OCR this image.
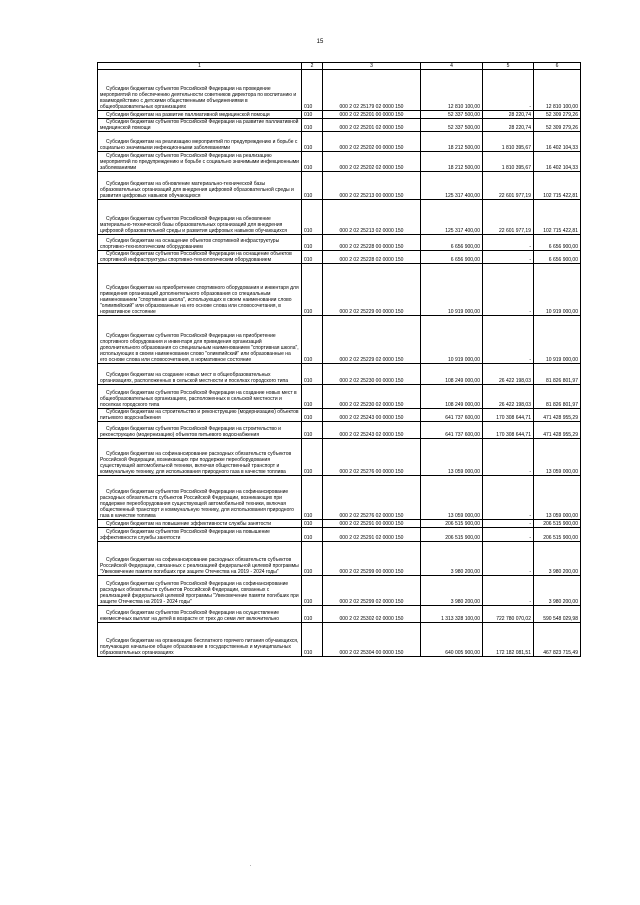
15
1	2	3	4	5	6
Субсидии бюджетам субъектов Российской Федерации на проведение мероприятий по обеспечению деятельности советников директора по воспитанию и взаимодействию с детскими общественными объединениями в общеобразовательных организациях	010	000 2 02 25179 02 0000 150	12 810 100,00	-	12 810 100,00
Субсидии бюджетам на развитие паллиативной медицинской помощи	010	000 2 02 25201 00 0000 150	52 337 500,00	28 220,74	52 309 279,26
Субсидии бюджетам субъектов Российской Федерации на развитие паллиативной медицинской помощи	010	000 2 02 25201 02 0000 150	52 337 500,00	28 220,74	52 309 279,26
Субсидии бюджетам на реализацию мероприятий по предупреждению и борьбе с социально значимыми инфекционными заболеваниями	010	000 2 02 25202 00 0000 150	18 212 500,00	1 810 395,67	16 402 104,33
Субсидии бюджетам субъектов Российской Федерации на реализацию мероприятий по предупреждению и борьбе с социально значимыми инфекционными заболеваниями	010	000 2 02 25202 02 0000 150	18 212 500,00	1 810 395,67	16 402 104,33
Субсидии бюджетам на обновление материально-технической базы образовательных организаций для внедрения цифровой образовательной среды и развития цифровых навыков обучающихся	010	000 2 02 25213 00 0000 150	125 317 400,00	22 601 977,19	102 715 422,81
Субсидии бюджетам субъектов Российской Федерации на обновление материально-технической базы образовательных организаций для внедрения цифровой образовательной среды и развития цифровых навыков обучающихся	010	000 2 02 25213 02 0000 150	125 317 400,00	22 601 977,19	102 715 422,81
Субсидии бюджетам на оснащение объектов спортивной инфраструктуры спортивно-технологическим оборудованием	010	000 2 02 25228 00 0000 150	6 656 900,00	-	6 656 900,00
Субсидии бюджетам субъектов Российской Федерации на оснащение объектов спортивной инфраструктуры спортивно-технологическим оборудованием	010	000 2 02 25228 02 0000 150	6 656 900,00	-	6 656 900,00
Субсидии бюджетам на приобретение спортивного оборудования и инвентаря для приведения организаций дополнительного образования со специальным наименованием "спортивная школа", использующих в своем наименовании слово "олимпийский" или образованные на его основе слова или словосочетания, в нормативное состояние	010	000 2 02 25229 00 0000 150	10 919 000,00	-	10 919 000,00
Субсидии бюджетам субъектов Российской Федерации на приобретение спортивного оборудования и инвентаря для приведения организаций дополнительного образования со специальным наименованием "спортивная школа", использующих в своем наименовании слово "олимпийский" или образованные на его основе слова или словосочетания, в нормативное состояние	010	000 2 02 25229 02 0000 150	10 919 000,00	-	10 919 000,00
Субсидии бюджетам на создание новых мест в общеобразовательных организациях, расположенных в сельской местности и поселках городского типа	010	000 2 02 25230 00 0000 150	108 249 000,00	26 422 198,03	81 826 801,97
Субсидии бюджетам субъектов Российской Федерации на создание новых мест в общеобразовательных организациях, расположенных в сельской местности и поселках городского типа	010	000 2 02 25230 02 0000 150	108 249 000,00	26 422 198,03	81 826 801,97
Субсидии бюджетам на строительство и реконструкцию (модернизацию) объектов питьевого водоснабжения	010	000 2 02 25243 00 0000 150	641 737 600,00	170 308 644,71	471 428 955,29
Субсидии бюджетам субъектов Российской Федерации на строительство и реконструкцию (модернизацию) объектов питьевого водоснабжения	010	000 2 02 25243 02 0000 150	641 737 600,00	170 308 644,71	471 428 955,29
Субсидии бюджетам на софинансирование расходных обязательств субъектов Российской Федерации, возникающих при поддержке переоборудования существующей автомобильной техники, включая общественный транспорт и коммунальную технику, для использования природного газа в качестве топлива	010	000 2 02 25276 00 0000 150	13 059 000,00	-	13 059 000,00
Субсидии бюджетам субъектов Российской Федерации на софинансирование расходных обязательств субъектов Российской Федерации, возникающих при поддержке переоборудования существующей автомобильной техники, включая общественный транспорт и коммунальную технику, для использования природного газа в качестве топлива	010	000 2 02 25276 02 0000 150	13 059 000,00	-	13 059 000,00
Субсидии бюджетам на повышение эффективности службы занятости	010	000 2 02 25291 00 0000 150	206 515 900,00	-	206 515 900,00
Субсидии бюджетам субъектов Российской Федерации на повышение эффективности службы занятости	010	000 2 02 25291 02 0000 150	206 515 900,00	-	206 515 900,00
Субсидии бюджетам на софинансирование расходных обязательств субъектов Российской Федерации, связанных с реализацией федеральной целевой программы "Увековечение памяти погибших при защите Отечества на 2019 - 2024 годы"	010	000 2 02 25299 00 0000 150	3 980 200,00	-	3 980 200,00
Субсидии бюджетам субъектов Российской Федерации на софинансирование расходных обязательств субъектов Российской Федерации, связанных с реализацией федеральной целевой программы "Увековечение памяти погибших при защите Отечества на 2019 - 2024 годы"	010	000 2 02 25299 02 0000 150	3 980 200,00	-	3 980 200,00
Субсидии бюджетам субъектов Российской Федерации на осуществление ежемесячных выплат на детей в возрасте от трех до семи лет включительно	010	000 2 02 25302 02 0000 150	1 313 328 100,00	722 780 070,02	590 548 029,98
Субсидии бюджетам на организацию бесплатного горячего питания обучающихся, получающих начальное общее образование в государственных и муниципальных образовательных организациях	010	000 2 02 25304 00 0000 150	640 005 900,00	172 182 081,51	467 823 715,49
.
